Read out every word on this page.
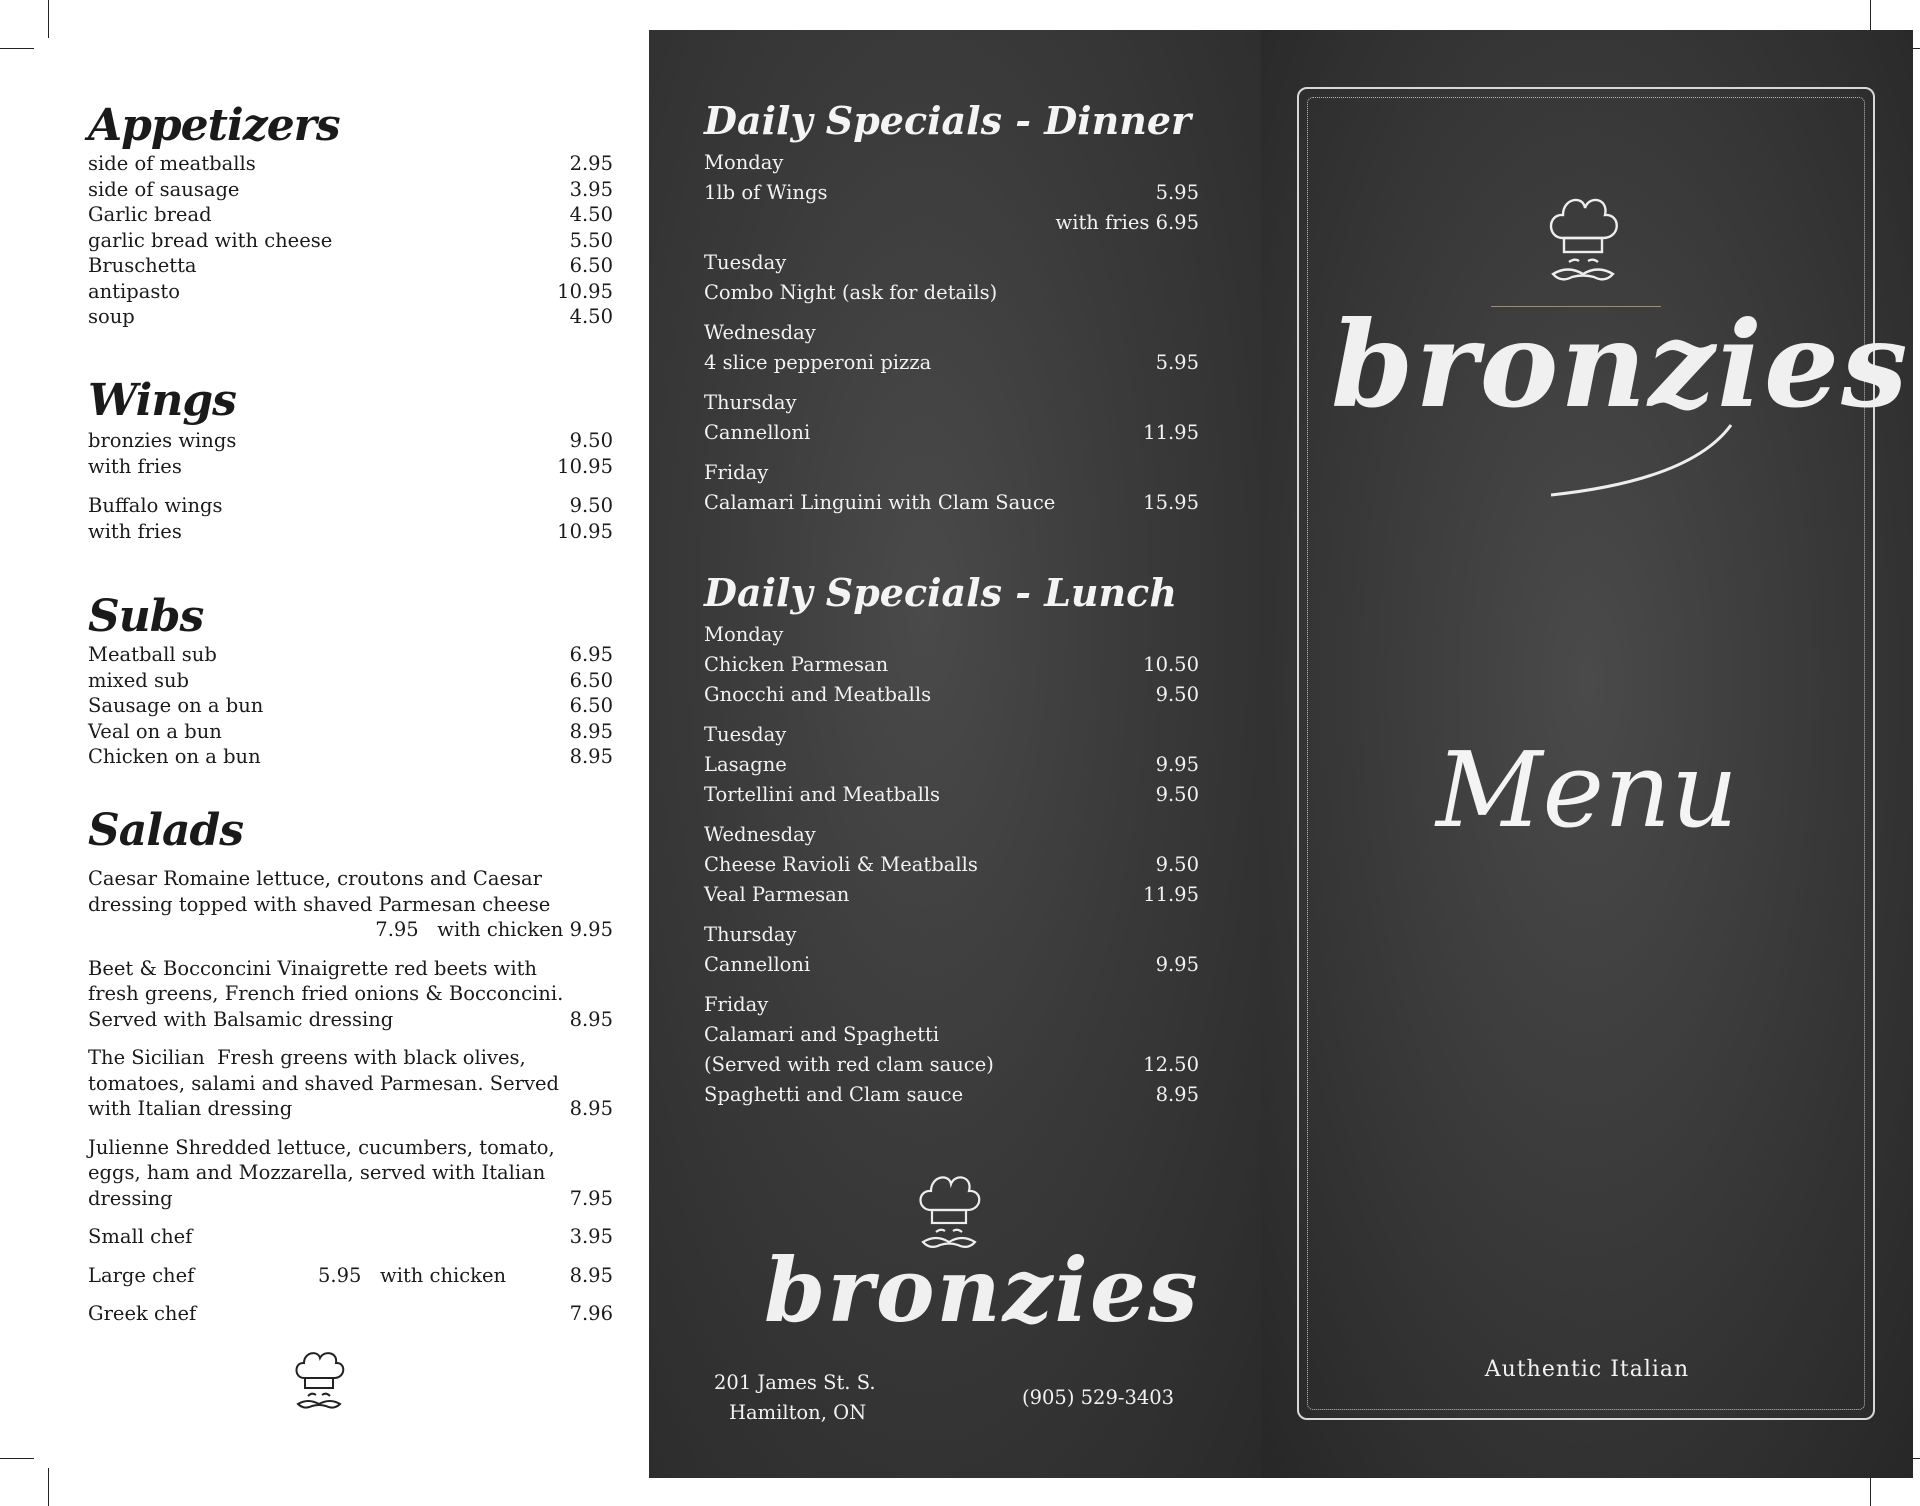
Appetizers
side of meatballs	2.95
side of sausage	3.95
Garlic bread	4.50
garlic bread with cheese	5.50
Bruschetta	6.50
antipasto	10.95
soup	4.50
Wings
bronzies wings	9.50
with fries	10.95
Buffalo wings	9.50
with fries	10.95
Subs
Meatball sub	6.95
mixed sub	6.50
Sausage on a bun	6.50
Veal on a bun	8.95
Chicken on a bun	8.95
Salads
Caesar Romaine lettuce, croutons and Caesar
dressing topped with shaved Parmesan cheese
7.95   with chicken 9.95
Beet & Bocconcini Vinaigrette red beets with
fresh greens, French fried onions & Bocconcini.
Served with Balsamic dressing	8.95
The Sicilian  Fresh greens with black olives,
tomatoes, salami and shaved Parmesan. Served
with Italian dressing	8.95
Julienne Shredded lettuce, cucumbers, tomato,
eggs, ham and Mozzarella, served with Italian
dressing	7.95
Small chef	3.95
Large chef	5.95   with chicken	8.95
Greek chef	7.96
Daily Specials - Dinner
Monday
1lb of Wings	5.95
with fries 6.95
Tuesday
Combo Night (ask for details)
Wednesday
4 slice pepperoni pizza	5.95
Thursday
Cannelloni	11.95
Friday
Calamari Linguini with Clam Sauce	15.95
Daily Specials - Lunch
Monday
Chicken Parmesan	10.50
Gnocchi and Meatballs	9.50
Tuesday
Lasagne	9.95
Tortellini and Meatballs	9.50
Wednesday
Cheese Ravioli & Meatballs	9.50
Veal Parmesan	11.95
Thursday
Cannelloni	9.95
Friday
Calamari and Spaghetti
(Served with red clam sauce)	12.50
Spaghetti and Clam sauce	8.95
bronzies
201 James St. S.
Hamilton, ON
(905) 529-3403
bronzies
Menu
Authentic Italian
